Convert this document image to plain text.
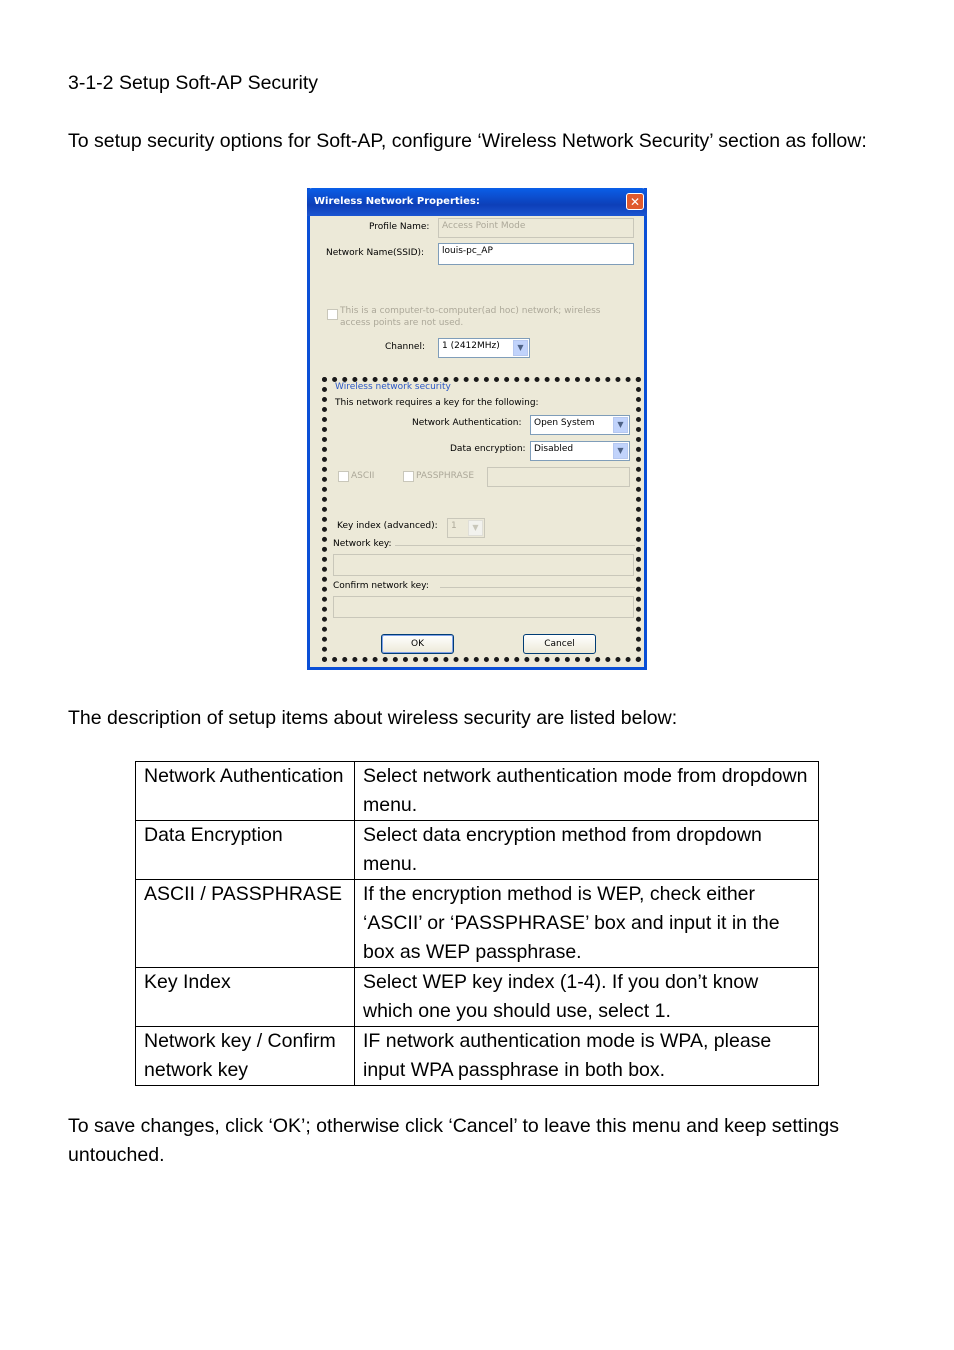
3-1-2 Setup Soft-AP Security
To setup security options for Soft-AP, configure ‘Wireless Network Security’ section as follow:
Wireless Network Properties:	✕
Profile Name:	Access Point Mode
Network Name(SSID):	louis-pc_AP
This is a computer-to-computer(ad hoc) network; wireless access points are not used.
Channel:	1 (2412MHz)	▼
Wireless network security
This network requires a key for the following:
Network Authentication:	Open System	▼
Data encryption: Disabled	▼
ASCII	PASSPHRASE
Key index (advanced):	1	▼
Network key:
Confirm network key:
OK	Cancel
The description of setup items about wireless security are listed below:
Network Authentication	Select network authentication mode from dropdown menu.
Data Encryption	Select data encryption method from dropdown menu.
ASCII / PASSPHRASE	If the encryption method is WEP, check either ‘ASCII’ or ‘PASSPHRASE’ box and input it in the box as WEP passphrase.
Key Index	Select WEP key index (1-4). If you don’t know which one you should use, select 1.
Network key / Confirm network key	IF network authentication mode is WPA, please input WPA passphrase in both box.
To save changes, click ‘OK’; otherwise click ‘Cancel’ to leave this menu and keep settings untouched.
